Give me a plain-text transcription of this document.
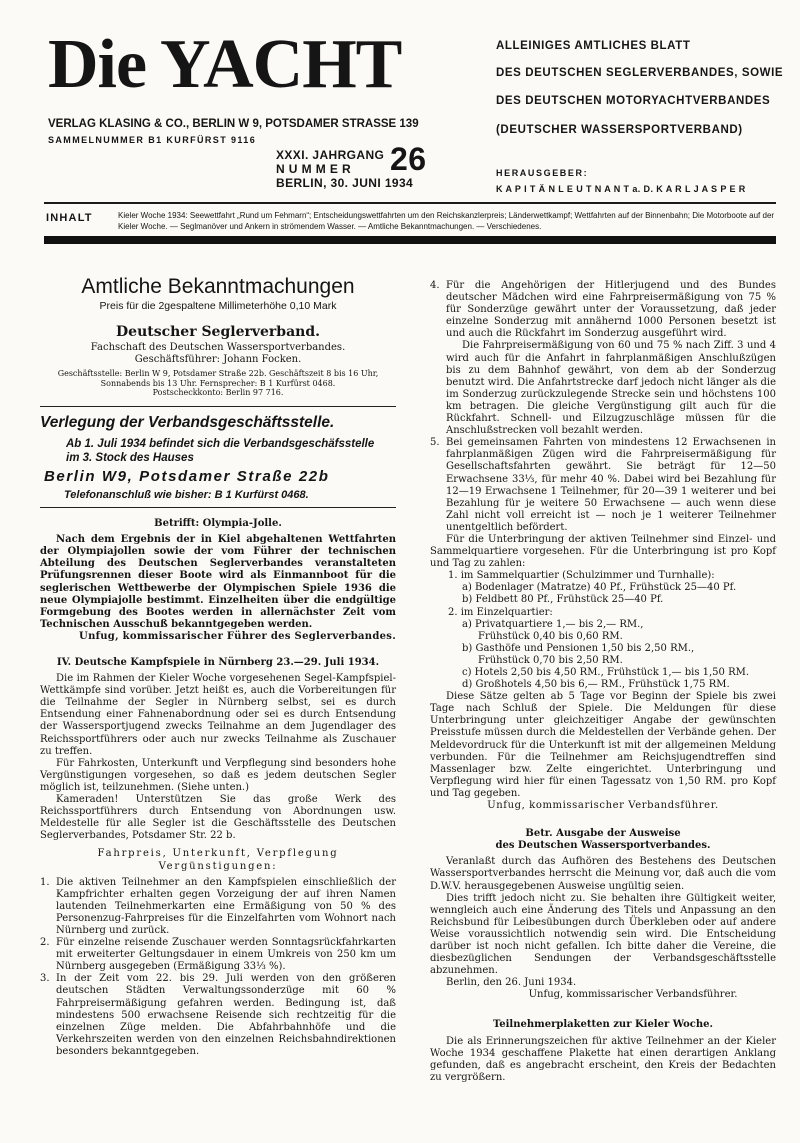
Die YACHT
VERLAG KLASING & CO., BERLIN W 9, POTSDAMER STRASSE 139
SAMMELNUMMER B1 KURFÜRST 9116
ALLEINIGES AMTLICHES BLATT
DES DEUTSCHEN SEGLERVERBANDES, SOWIE
DES DEUTSCHEN MOTORYACHTVERBANDES
(DEUTSCHER WASSERSPORTVERBAND)
XXXI. JAHRGANG
N U M M E R
BERLIN, 30. JUNI 1934
26	HERAUSGEBER:
K A P I T Ä N L E U T N A N T a. D. K A R L J A S P E R
INHALT	Kieler Woche 1934: Seewettfahrt „Rund um Fehmarn“; Entscheidungswettfahrten um den Reichskanzlerpreis; Länderwettkampf; Wettfahrten auf der Binnenbahn; Die Motorboote auf der Kieler Woche. — Seglmanöver und Ankern in strömendem Wasser. — Amtliche Bekanntmachungen. — Verschiedenes.
Amtliche Bekanntmachungen
Preis für die 2gespaltene Millimeterhöhe 0,10 Mark
Deutscher Seglerverband.
Fachschaft des Deutschen Wassersportverbandes.
Geschäftsführer: Johann Focken.
Geschäftsstelle: Berlin W 9, Potsdamer Straße 22b. Geschäftszeit 8 bis 16 Uhr,
Sonnabends bis 13 Uhr. Fernsprecher: B 1 Kurfürst 0468.
Postscheckkonto: Berlin 97 716.
Verlegung der Verbandsgeschäftsstelle.
Ab 1. Juli 1934 befindet sich die Verbandsgeschäfsstelle
im 3. Stock des Hauses
Berlin W9, Potsdamer Straße 22b
Telefonanschluß wie bisher: B 1 Kurfürst 0468.
Betrifft: Olympia-Jolle.

Nach dem Ergebnis der in Kiel abgehaltenen Wettfahrten der Olympiajollen sowie der vom Führer der technischen Abteilung des Deutschen Seglerverbandes veranstalteten Prüfungsrennen dieser Boote wird als Einmannboot für die seglerischen Wettbewerbe der Olympischen Spiele 1936 die neue Olympiajolle bestimmt. Einzelheiten über die endgültige Formgebung des Bootes werden in allernächster Zeit vom Technischen Ausschuß bekanntgegeben werden.

Unfug, kommissarischer Führer des Seglerverbandes.

IV. Deutsche Kampfspiele in Nürnberg 23.—29. Juli 1934.

Die im Rahmen der Kieler Woche vorgesehenen Segel-Kampfspiel-Wettkämpfe sind vorüber. Jetzt heißt es, auch die Vorbereitungen für die Teilnahme der Segler in Nürnberg selbst, sei es durch Entsendung einer Fahnenabordnung oder sei es durch Entsendung der Wassersportjugend zwecks Teilnahme an dem Jugendlager des Reichssportführers oder auch nur zwecks Teilnahme als Zuschauer zu treffen.

Für Fahrkosten, Unterkunft und Verpflegung sind besonders hohe Vergünstigungen vorgesehen, so daß es jedem deutschen Segler möglich ist, teilzunehmen. (Siehe unten.)

Kameraden! Unterstützen Sie das große Werk des Reichssportführers durch Entsendung von Abordnungen usw. Meldestelle für alle Segler ist die Geschäftsstelle des Deutschen Seglerverbandes, Potsdamer Str. 22 b.

Fahrpreis, Unterkunft, Verpflegung
Vergünstigungen:
1. Die aktiven Teilnehmer an den Kampfspielen einschließlich der Kampfrichter erhalten gegen Vorzeigung der auf ihren Namen lautenden Teilnehmerkarten eine Ermäßigung von 50 % des Personenzug-Fahrpreises für die Einzelfahrten vom Wohnort nach Nürnberg und zurück.
2. Für einzelne reisende Zuschauer werden Sonntagsrückfahrkarten mit erweiterter Geltungsdauer in einem Umkreis von 250 km um Nürnberg ausgegeben (Ermäßigung 33⅓ %).
3. In der Zeit vom 22. bis 29. Juli werden von den größeren deutschen Städten Verwaltungssonderzüge mit 60 % Fahrpreisermäßigung gefahren werden. Bedingung ist, daß mindestens 500 erwachsene Reisende sich rechtzeitig für die einzelnen Züge melden. Die Abfahrbahnhöfe und die Verkehrszeiten werden von den einzelnen Reichsbahndirektionen besonders bekanntgegeben.
4. Für die Angehörigen der Hitlerjugend und des Bundes deutscher Mädchen wird eine Fahrpreisermäßigung von 75 % für Sonderzüge gewährt unter der Voraussetzung, daß jeder einzelne Sonderzug mit annähernd 1000 Personen besetzt ist und auch die Rückfahrt im Sonderzug ausgeführt wird.

Die Fahrpreisermäßigung von 60 und 75 % nach Ziff. 3 und 4 wird auch für die Anfahrt in fahrplanmäßigen Anschlußzügen bis zu dem Bahnhof gewährt, von dem ab der Sonderzug benutzt wird. Die Anfahrtstrecke darf jedoch nicht länger als die im Sonderzug zurückzulegende Strecke sein und höchstens 100 km betragen. Die gleiche Vergünstigung gilt auch für die Rückfahrt. Schnell- und Eilzugzuschläge müssen für die Anschlußstrecken voll bezahlt werden.

5. Bei gemeinsamen Fahrten von mindestens 12 Erwachsenen in fahrplanmäßigen Zügen wird die Fahrpreisermäßigung für Gesellschaftsfahrten gewährt. Sie beträgt für 12—50 Erwachsene 33⅓, für mehr 40 %. Dabei wird bei Bezahlung für 12—19 Erwachsene 1 Teilnehmer, für 20—39 1 weiterer und bei Bezahlung für je weitere 50 Erwachsene — auch wenn diese Zahl nicht voll erreicht ist — noch je 1 weiterer Teilnehmer unentgeltlich befördert.

Für die Unterbringung der aktiven Teilnehmer sind Einzel- und Sammelquartiere vorgesehen. Für die Unterbringung ist pro Kopf und Tag zu zahlen:

1. im Sammelquartier (Schulzimmer und Turnhalle):
a) Bodenlager (Matratze) 40 Pf., Frühstück 25—40 Pf.
b) Feldbett 80 Pf., Frühstück 25—40 Pf.
2. im Einzelquartier:
a) Privatquartiere 1,— bis 2,— RM.,
Frühstück 0,40 bis 0,60 RM.
b) Gasthöfe und Pensionen 1,50 bis 2,50 RM.,
Frühstück 0,70 bis 2,50 RM.
c) Hotels 2,50 bis 4,50 RM., Frühstück 1,— bis 1,50 RM.
d) Großhotels 4,50 bis 6,— RM., Frühstück 1,75 RM.

Diese Sätze gelten ab 5 Tage vor Beginn der Spiele bis zwei Tage nach Schluß der Spiele. Die Meldungen für diese Unterbringung unter gleichzeitiger Angabe der gewünschten Preisstufe müssen durch die Meldestellen der Verbände gehen. Der Meldevordruck für die Unterkunft ist mit der allgemeinen Meldung verbunden. Für die Teilnehmer am Reichsjugendtreffen sind Massenlager bzw. Zelte eingerichtet. Unterbringung und Verpflegung wird hier für einen Tagessatz von 1,50 RM. pro Kopf und Tag gegeben.

Unfug, kommissarischer Verbandsführer.

Betr. Ausgabe der Ausweise
des Deutschen Wassersportverbandes.

Veranlaßt durch das Aufhören des Bestehens des Deutschen Wassersportverbandes herrscht die Meinung vor, daß auch die vom D.W.V. herausgegebenen Ausweise ungültig seien.

Dies trifft jedoch nicht zu. Sie behalten ihre Gültigkeit weiter, wenngleich auch eine Änderung des Titels und Anpassung an den Reichsbund für Leibesübungen durch Überkleben oder auf andere Weise voraussichtlich notwendig sein wird. Die Entscheidung darüber ist noch nicht gefallen. Ich bitte daher die Vereine, die diesbezüglichen Sendungen der Verbandsgeschäftsstelle abzunehmen.

Berlin, den 26. Juni 1934.

Unfug, kommissarischer Verbandsführer.

Teilnehmerplaketten zur Kieler Woche.

Die als Erinnerungszeichen für aktive Teilnehmer an der Kieler Woche 1934 geschaffene Plakette hat einen derartigen Anklang gefunden, daß es angebracht erscheint, den Kreis der Bedachten zu vergrößern.
